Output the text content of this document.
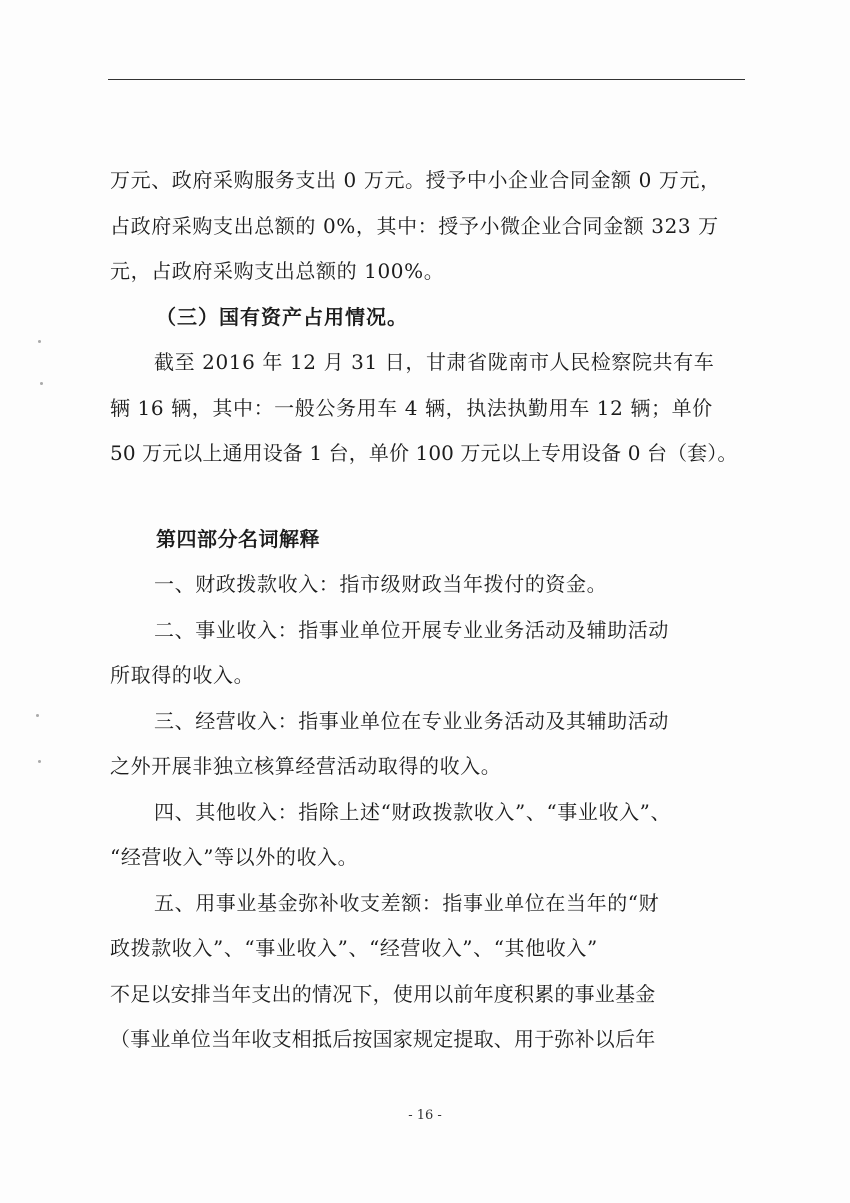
万元、政府采购服务支出 0 万元。授予中小企业合同金额 0 万元，
占政府采购支出总额的 0%，其中：授予小微企业合同金额 323 万
元，占政府采购支出总额的 100%。
（三）国有资产占用情况。
截至 2016 年 12 月 31 日，甘肃省陇南市人民检察院共有车
辆 16 辆，其中：一般公务用车 4 辆，执法执勤用车 12 辆；单价
50 万元以上通用设备 1 台，单价 100 万元以上专用设备 0 台（套）。
第四部分名词解释
一、财政拨款收入：指市级财政当年拨付的资金。
二、事业收入：指事业单位开展专业业务活动及辅助活动
所取得的收入。
三、经营收入：指事业单位在专业业务活动及其辅助活动
之外开展非独立核算经营活动取得的收入。
四、其他收入：指除上述“财政拨款收入”、“事业收入”、
“经营收入”等以外的收入。
五、用事业基金弥补收支差额：指事业单位在当年的“财
政拨款收入”、“事业收入”、“经营收入”、“其他收入”
不足以安排当年支出的情况下，使用以前年度积累的事业基金
（事业单位当年收支相抵后按国家规定提取、用于弥补以后年
- 16 -
